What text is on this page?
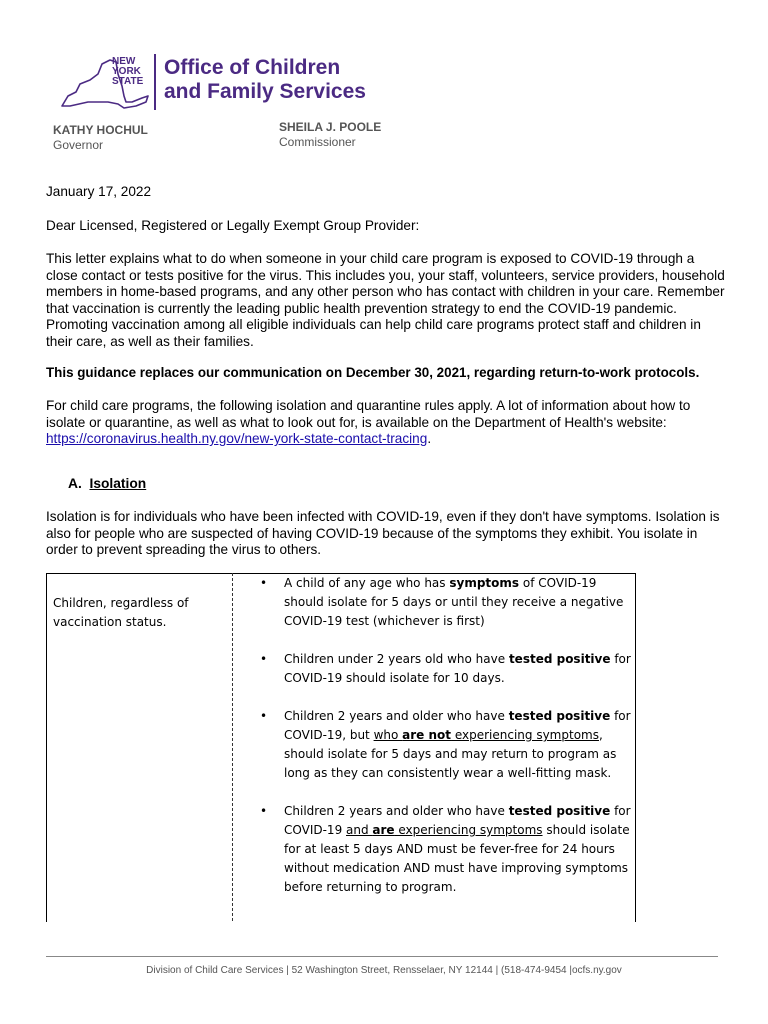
NEW
YORK
STATE
Office of Children
and Family Services
KATHY HOCHUL
Governor
SHEILA J. POOLE
Commissioner
January 17, 2022
Dear Licensed, Registered or Legally Exempt Group Provider:
This letter explains what to do when someone in your child care program is exposed to COVID-19 through a close contact or tests positive for the virus. This includes you, your staff, volunteers, service providers, household members in home-based programs, and any other person who has contact with children in your care. Remember that vaccination is currently the leading public health prevention strategy to end the COVID-19 pandemic. Promoting vaccination among all eligible individuals can help child care programs protect staff and children in their care, as well as their families.
This guidance replaces our communication on December 30, 2021, regarding return-to-work protocols.
For child care programs, the following isolation and quarantine rules apply. A lot of information about how to isolate or quarantine, as well as what to look out for, is available on the Department of Health's website: https://coronavirus.health.ny.gov/new-york-state-contact-tracing.
A. Isolation
Isolation is for individuals who have been infected with COVID-19, even if they don't have symptoms. Isolation is also for people who are suspected of having COVID-19 because of the symptoms they exhibit. You isolate in order to prevent spreading the virus to others.
Children, regardless of vaccination status.
• A child of any age who has symptoms of COVID-19 should isolate for 5 days or until they receive a negative COVID-19 test (whichever is first)
• Children under 2 years old who have tested positive for COVID-19 should isolate for 10 days.
• Children 2 years and older who have tested positive for COVID-19, but who are not experiencing symptoms, should isolate for 5 days and may return to program as long as they can consistently wear a well-fitting mask.
• Children 2 years and older who have tested positive for COVID-19 and are experiencing symptoms should isolate for at least 5 days AND must be fever-free for 24 hours without medication AND must have improving symptoms before returning to program.
Division of Child Care Services | 52 Washington Street, Rensselaer, NY 12144 | (518-474-9454 |ocfs.ny.gov
